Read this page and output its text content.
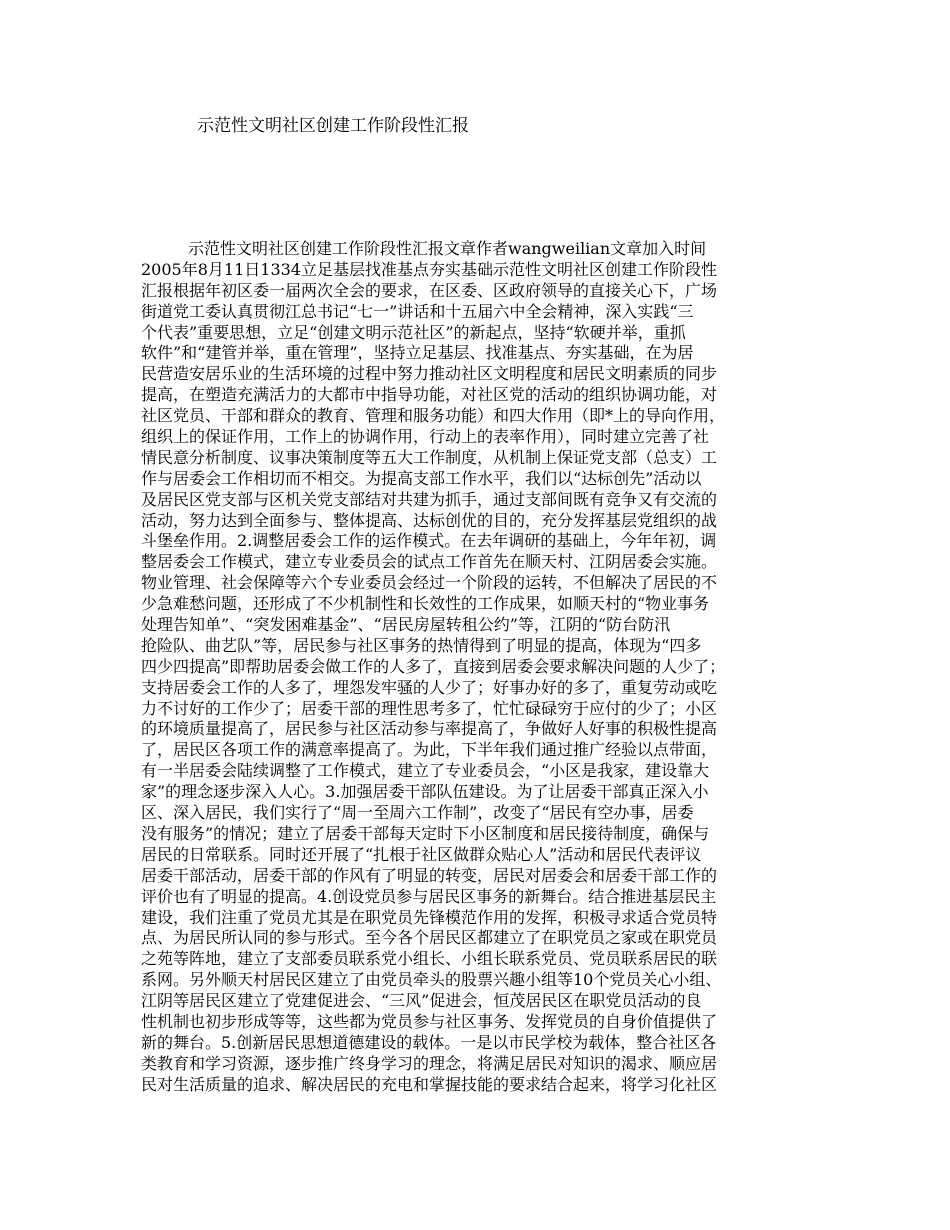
示范性文明社区创建工作阶段性汇报
示范性文明社区创建工作阶段性汇报文章作者wangweilian文章加入时间
2005年8月11日1334立足基层找准基点夯实基础示范性文明社区创建工作阶段性
汇报根据年初区委一届两次全会的要求，在区委、区政府领导的直接关心下，广场
街道党工委认真贯彻江总书记“七一”讲话和十五届六中全会精神，深入实践“三
个代表”重要思想，立足“创建文明示范社区”的新起点，坚持“软硬并举，重抓
软件”和“建管并举，重在管理”，坚持立足基层、找准基点、夯实基础，在为居
民营造安居乐业的生活环境的过程中努力推动社区文明程度和居民文明素质的同步
提高，在塑造充满活力的大都市中指导功能，对社区党的活动的组织协调功能，对
社区党员、干部和群众的教育、管理和服务功能）和四大作用（即*上的导向作用，
组织上的保证作用，工作上的协调作用，行动上的表率作用），同时建立完善了社
情民意分析制度、议事决策制度等五大工作制度，从机制上保证党支部（总支）工
作与居委会工作相切而不相交。为提高支部工作水平，我们以“达标创先”活动以
及居民区党支部与区机关党支部结对共建为抓手，通过支部间既有竞争又有交流的
活动，努力达到全面参与、整体提高、达标创优的目的，充分发挥基层党组织的战
斗堡垒作用。2.调整居委会工作的运作模式。在去年调研的基础上，今年年初，调
整居委会工作模式，建立专业委员会的试点工作首先在顺天村、江阴居委会实施。
物业管理、社会保障等六个专业委员会经过一个阶段的运转，不但解决了居民的不
少急难愁问题，还形成了不少机制性和长效性的工作成果，如顺天村的“物业事务
处理告知单”、“突发困难基金”、“居民房屋转租公约”等，江阴的“防台防汛
抢险队、曲艺队”等，居民参与社区事务的热情得到了明显的提高，体现为“四多
四少四提高”即帮助居委会做工作的人多了，直接到居委会要求解决问题的人少了；
支持居委会工作的人多了，埋怨发牢骚的人少了；好事办好的多了，重复劳动或吃
力不讨好的工作少了；居委干部的理性思考多了，忙忙碌碌穷于应付的少了；小区
的环境质量提高了，居民参与社区活动参与率提高了，争做好人好事的积极性提高
了，居民区各项工作的满意率提高了。为此，下半年我们通过推广经验以点带面，
有一半居委会陆续调整了工作模式，建立了专业委员会，“小区是我家，建设靠大
家”的理念逐步深入人心。3.加强居委干部队伍建设。为了让居委干部真正深入小
区、深入居民，我们实行了“周一至周六工作制”，改变了“居民有空办事，居委
没有服务”的情况；建立了居委干部每天定时下小区制度和居民接待制度，确保与
居民的日常联系。同时还开展了“扎根于社区做群众贴心人”活动和居民代表评议
居委干部活动，居委干部的作风有了明显的转变，居民对居委会和居委干部工作的
评价也有了明显的提高。4.创设党员参与居民区事务的新舞台。结合推进基层民主
建设，我们注重了党员尤其是在职党员先锋模范作用的发挥，积极寻求适合党员特
点、为居民所认同的参与形式。至今各个居民区都建立了在职党员之家或在职党员
之苑等阵地，建立了支部委员联系党小组长、小组长联系党员、党员联系居民的联
系网。另外顺天村居民区建立了由党员牵头的股票兴趣小组等10个党员关心小组、
江阴等居民区建立了党建促进会、“三风”促进会，恒茂居民区在职党员活动的良
性机制也初步形成等等，这些都为党员参与社区事务、发挥党员的自身价值提供了
新的舞台。5.创新居民思想道德建设的载体。一是以市民学校为载体，整合社区各
类教育和学习资源，逐步推广终身学习的理念，将满足居民对知识的渴求、顺应居
民对生活质量的追求、解决居民的充电和掌握技能的要求结合起来，将学习化社区
